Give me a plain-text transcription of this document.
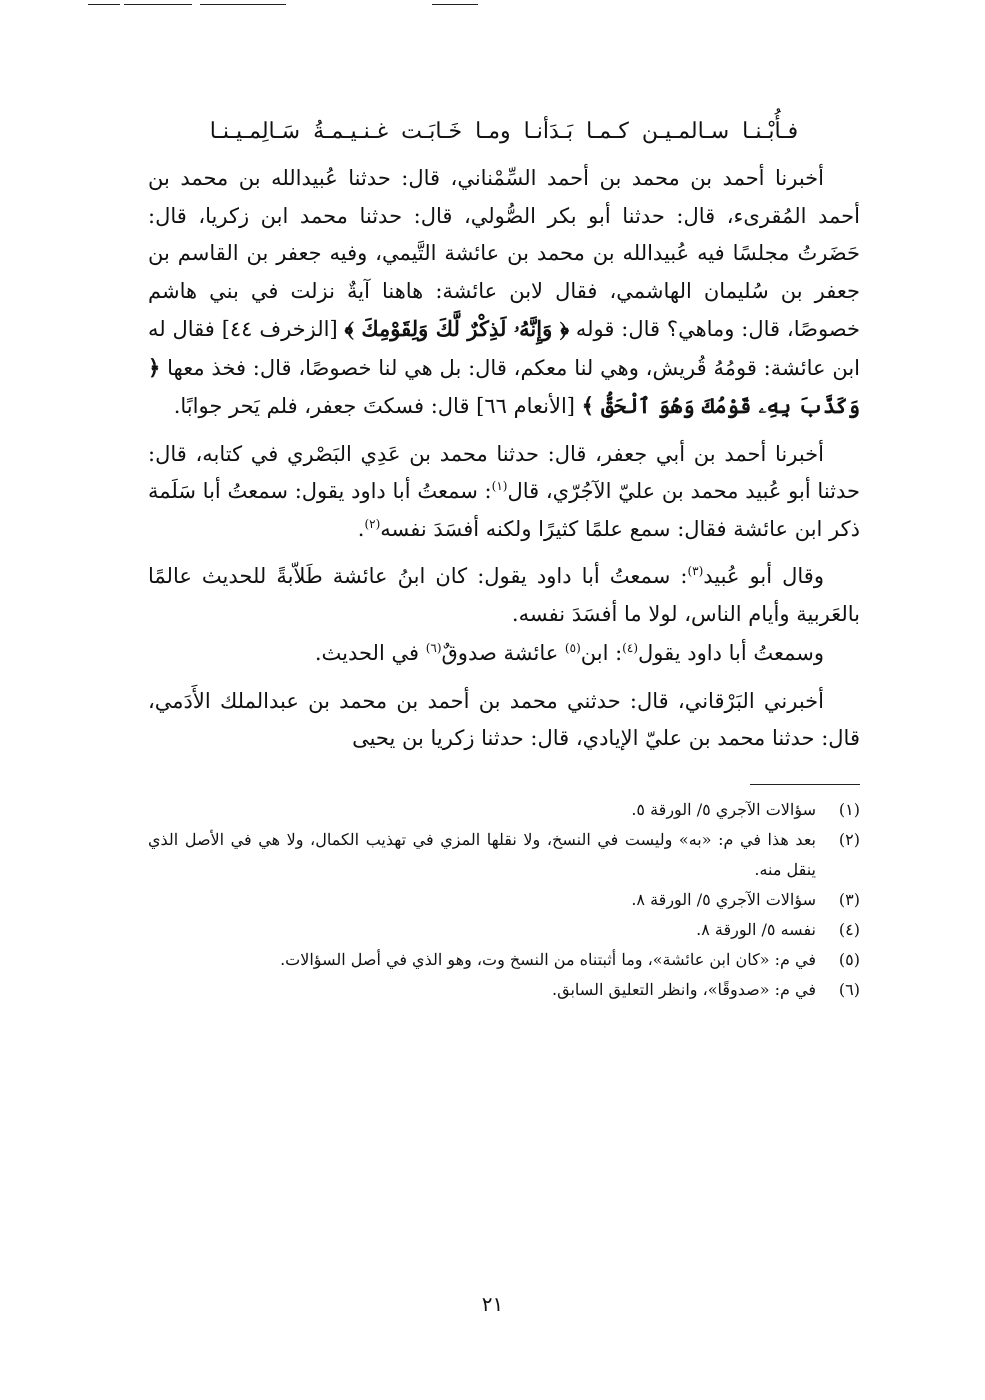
فـأُبْـنـا سـالمـيـن كـمـا بَـدَأنـا ومـا خَـابَـت غـنـيـمـةُ سَـالِمـيـنـا

أخبرنا أحمد بن محمد بن أحمد السِّمْناني، قال: حدثنا عُبيدالله بن محمد بن أحمد المُقرىء، قال: حدثنا أبو بكر الصُّولي، قال: حدثنا محمد ابن زكريا، قال: حَضَرتُ مجلسًا فيه عُبيدالله بن محمد بن عائشة التَّيمي، وفيه جعفر بن القاسم بن جعفر بن سُليمان الهاشمي، فقال لابن عائشة: هاهنا آيةٌ نزلت في بني هاشم خصوصًا، قال: وماهي؟ قال: قوله ﴿ وَإِنَّهُۥ لَذِكْرٌ لَّكَ وَلِقَوْمِكَ ﴾ [الزخرف ٤٤] فقال له ابن عائشة: قومُهُ قُريش، وهي لنا معكم، قال: بل هي لنا خصوصًا، قال: فخذ معها ﴿ وَكَذَّبَ بِهِۦ قَوْمُكَ وَهُوَ ٱلْحَقُّ ﴾ [الأنعام ٦٦] قال: فسكتَ جعفر، فلم يَحر جوابًا.

أخبرنا أحمد بن أبي جعفر، قال: حدثنا محمد بن عَدِي البَصْري في كتابه، قال: حدثنا أبو عُبيد محمد بن عليّ الآجُرّي، قال$^{(١)}$: سمعتُ أبا داود يقول: سمعتُ أبا سَلَمة ذكر ابن عائشة فقال: سمع علمًا كثيرًا ولكنه أفسَدَ نفسه$^{(٢)}$.

وقال أبو عُبيد$^{(٣)}$: سمعتُ أبا داود يقول: كان ابنُ عائشة طَلاّبةً للحديث عالمًا بالعَربية وأيام الناس، لولا ما أفسَدَ نفسه.

وسمعتُ أبا داود يقول$^{(٤)}$: ابن$^{(٥)}$ عائشة صدوقٌ$^{(٦)}$ في الحديث.

أخبرني البَرْقاني، قال: حدثني محمد بن أحمد بن محمد بن عبدالملك الأَدَمي، قال: حدثنا محمد بن عليّ الإيادي، قال: حدثنا زكريا بن يحيى

(١)
سؤالات الآجري ٥/ الورقة ٥.
(٢)
بعد هذا في م: «به» وليست في النسخ، ولا نقلها المزي في تهذيب الكمال، ولا هي في الأصل الذي ينقل منه.
(٣)
سؤالات الآجري ٥/ الورقة ٨.
(٤)
نفسه ٥/ الورقة ٨.
(٥)
في م: «كان ابن عائشة»، وما أثبتناه من النسخ وت، وهو الذي في أصل السؤالات.
(٦)
في م: «صدوقًا»، وانظر التعليق السابق.
٢١
